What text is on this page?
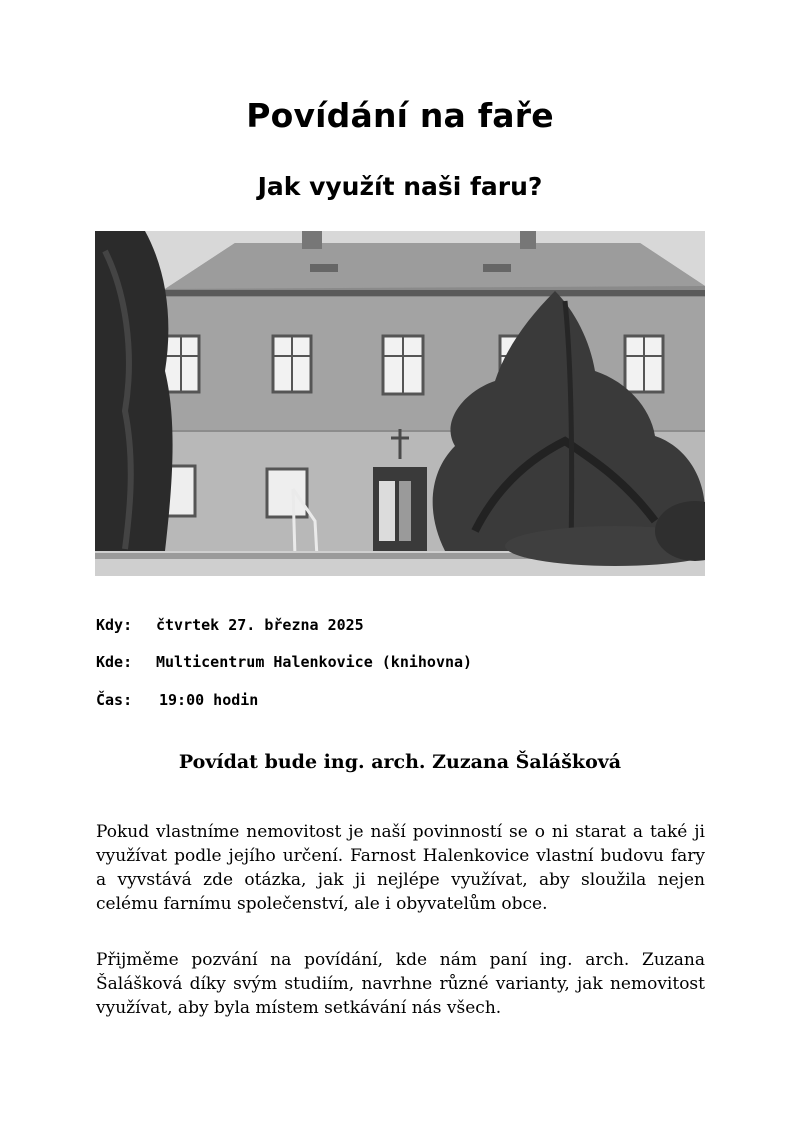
Povídání na faře
Jak využít naši faru?
Kdy: čtvrtek 27. března 2025
Kde: Multicentrum Halenkovice (knihovna)
Čas: 19:00 hodin
Povídat bude ing. arch. Zuzana Šalášková

Pokud vlastníme nemovitost je naší povinností se o ni starat a také ji využívat podle jejího určení. Farnost Halenkovice vlastní budovu fary a vyvstává zde otázka, jak ji nejlépe využívat, aby sloužila nejen celému farnímu společenství, ale i obyvatelům obce.

Přijměme pozvání na povídání, kde nám paní ing. arch. Zuzana Šalášková díky svým studiím, navrhne různé varianty, jak nemovitost využívat, aby byla místem setkávání nás všech.
